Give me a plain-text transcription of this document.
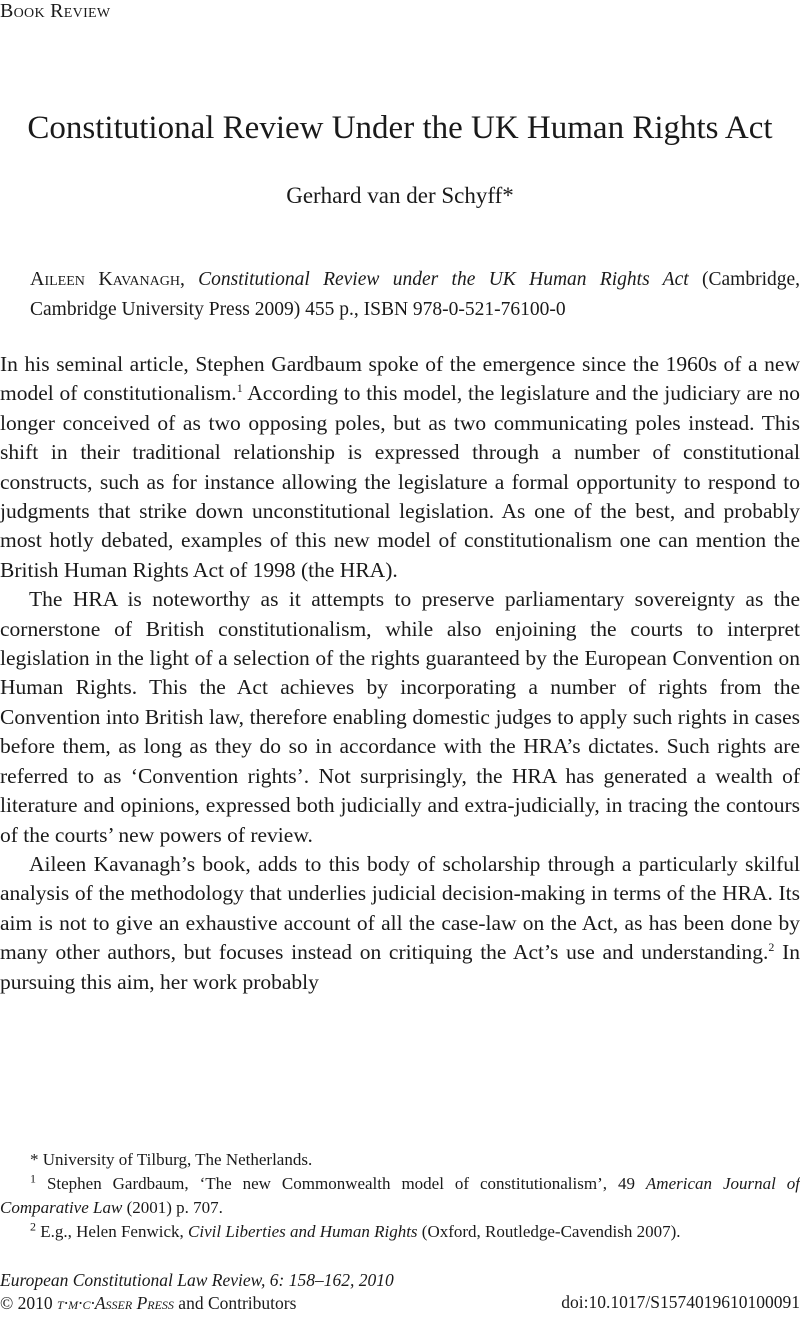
Book Review
Constitutional Review Under the UK Human Rights Act
Gerhard van der Schyff*
Aileen Kavanagh, Constitutional Review under the UK Human Rights Act (Cambridge, Cambridge University Press 2009) 455 p., ISBN 978-0-521-76100-0

In his seminal article, Stephen Gardbaum spoke of the emergence since the 1960s of a new model of constitutionalism.$^1$ According to this model, the legislature and the judiciary are no longer conceived of as two opposing poles, but as two communicating poles instead. This shift in their traditional relationship is expressed through a number of constitutional constructs, such as for instance allowing the legislature a formal opportunity to respond to judgments that strike down unconstitutional legislation. As one of the best, and probably most hotly debated, examples of this new model of constitutionalism one can mention the British Human Rights Act of 1998 (the HRA).

The HRA is noteworthy as it attempts to preserve parliamentary sovereignty as the cornerstone of British constitutionalism, while also enjoining the courts to interpret legislation in the light of a selection of the rights guaranteed by the European Convention on Human Rights. This the Act achieves by incorporating a number of rights from the Convention into British law, therefore enabling domestic judges to apply such rights in cases before them, as long as they do so in accordance with the HRA’s dictates. Such rights are referred to as ‘Convention rights’. Not surprisingly, the HRA has generated a wealth of literature and opinions, expressed both judicially and extra-judicially, in tracing the contours of the courts’ new powers of review.

Aileen Kavanagh’s book, adds to this body of scholarship through a particularly skilful analysis of the methodology that underlies judicial decision-making in terms of the HRA. Its aim is not to give an exhaustive account of all the case-law on the Act, as has been done by many other authors, but focuses instead on critiquing the Act’s use and understanding.$^2$ In pursuing this aim, her work probably

* University of Tilburg, The Netherlands.

$^1$ Stephen Gardbaum, ‘The new Commonwealth model of constitutionalism’, 49 American Journal of Comparative Law (2001) p. 707.

$^2$ E.g., Helen Fenwick, Civil Liberties and Human Rights (Oxford, Routledge-Cavendish 2007).

European Constitutional Law Review, 6: 158–162, 2010
© 2010 t·m·c·Asser Press and Contributors	doi:10.1017/S1574019610100091
